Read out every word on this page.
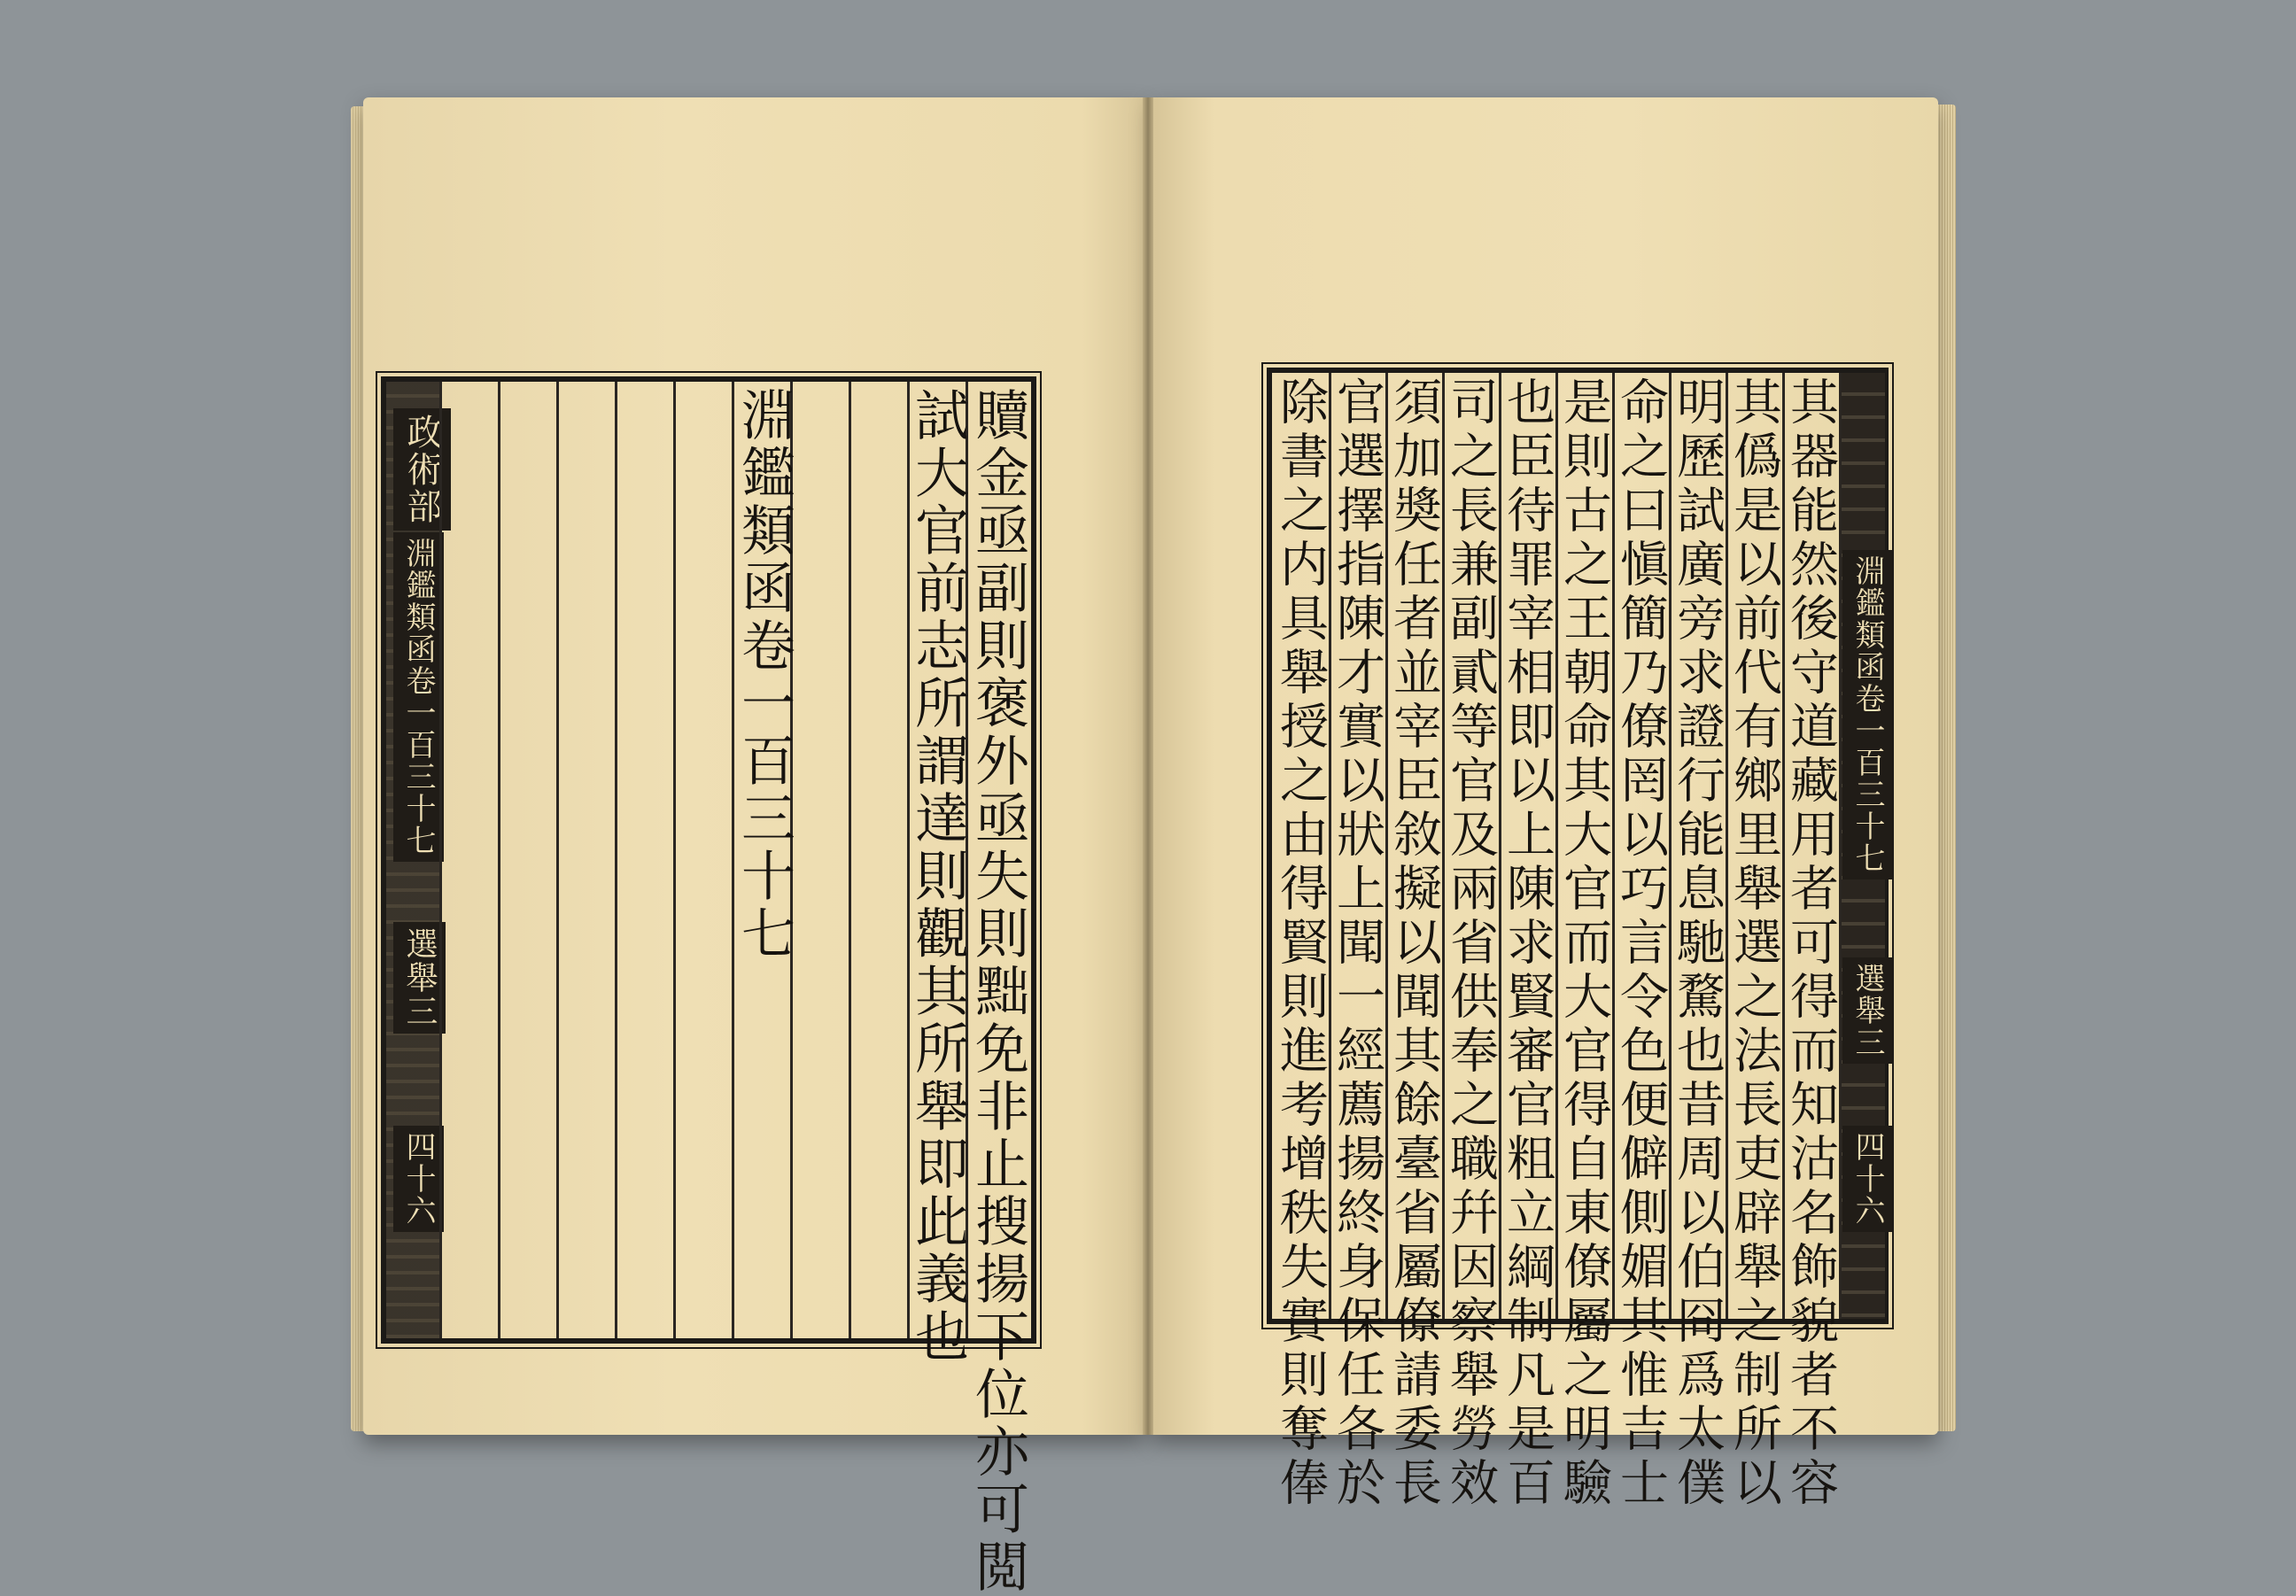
政術部
淵鑑類函卷一百三十七
選舉三
四十六
　　　　　　　　	贖金亟副則褒外亟失則黜免非止搜揚下位亦可閲
試大官前志所謂達則觀其所舉即此義也
淵鑑類函卷一百三十七	淵鑑類函卷一百三十七
選舉三
四十六
其器能然後守道藏用者可得而知沽名飾貌者不容
其僞是以前代有鄉里舉選之法長吏辟舉之制所以
明歷試廣旁求證行能息馳騖也昔周以伯冏爲太僕
命之曰愼簡乃僚罔以巧言令色便僻側媚其惟吉士
是則古之王朝命其大官而大官得自東僚屬之明驗
也臣待罪宰相即以上陳求賢審官粗立綱制凡是百
司之長兼副貳等官及兩省供奉之職幷因察舉勞效
須加奬任者並宰臣敘擬以聞其餘臺省屬僚請委長
官選擇指陳才實以狀上聞一經薦揚終身保任各於
除書之内具舉授之由得賢則進考增秩失實則奪俸
